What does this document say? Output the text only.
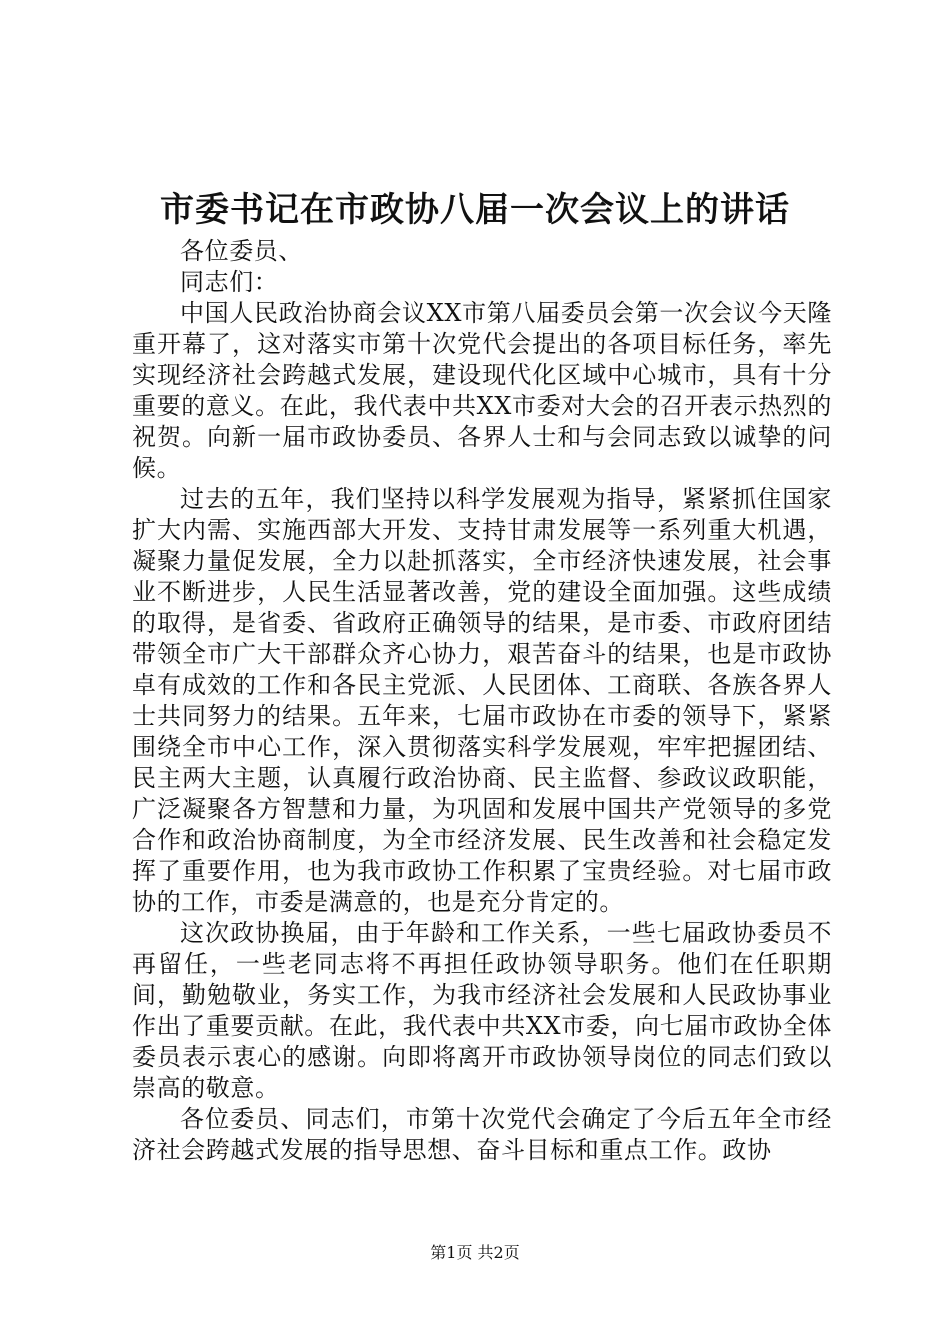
市委书记在市政协八届一次会议上的讲话

各位委员、

同志们：

中国人民政治协商会议XX市第八届委员会第一次会议今天隆重开幕了，这对落实市第十次党代会提出的各项目标任务，率先实现经济社会跨越式发展，建设现代化区域中心城市，具有十分重要的意义。在此，我代表中共XX市委对大会的召开表示热烈的祝贺。向新一届市政协委员、各界人士和与会同志致以诚挚的问候。

过去的五年，我们坚持以科学发展观为指导，紧紧抓住国家扩大内需、实施西部大开发、支持甘肃发展等一系列重大机遇，凝聚力量促发展，全力以赴抓落实，全市经济快速发展，社会事业不断进步，人民生活显著改善，党的建设全面加强。这些成绩的取得，是省委、省政府正确领导的结果，是市委、市政府团结带领全市广大干部群众齐心协力，艰苦奋斗的结果，也是市政协卓有成效的工作和各民主党派、人民团体、工商联、各族各界人士共同努力的结果。五年来，七届市政协在市委的领导下，紧紧围绕全市中心工作，深入贯彻落实科学发展观，牢牢把握团结、民主两大主题，认真履行政治协商、民主监督、参政议政职能，广泛凝聚各方智慧和力量，为巩固和发展中国共产党领导的多党合作和政治协商制度，为全市经济发展、民生改善和社会稳定发挥了重要作用，也为我市政协工作积累了宝贵经验。对七届市政协的工作，市委是满意的，也是充分肯定的。

这次政协换届，由于年龄和工作关系，一些七届政协委员不再留任，一些老同志将不再担任政协领导职务。他们在任职期间，勤勉敬业，务实工作，为我市经济社会发展和人民政协事业作出了重要贡献。在此，我代表中共XX市委，向七届市政协全体委员表示衷心的感谢。向即将离开市政协领导岗位的同志们致以崇高的敬意。

各位委员、同志们，市第十次党代会确定了今后五年全市经济社会跨越式发展的指导思想、奋斗目标和重点工作。政协

第1页 共2页
